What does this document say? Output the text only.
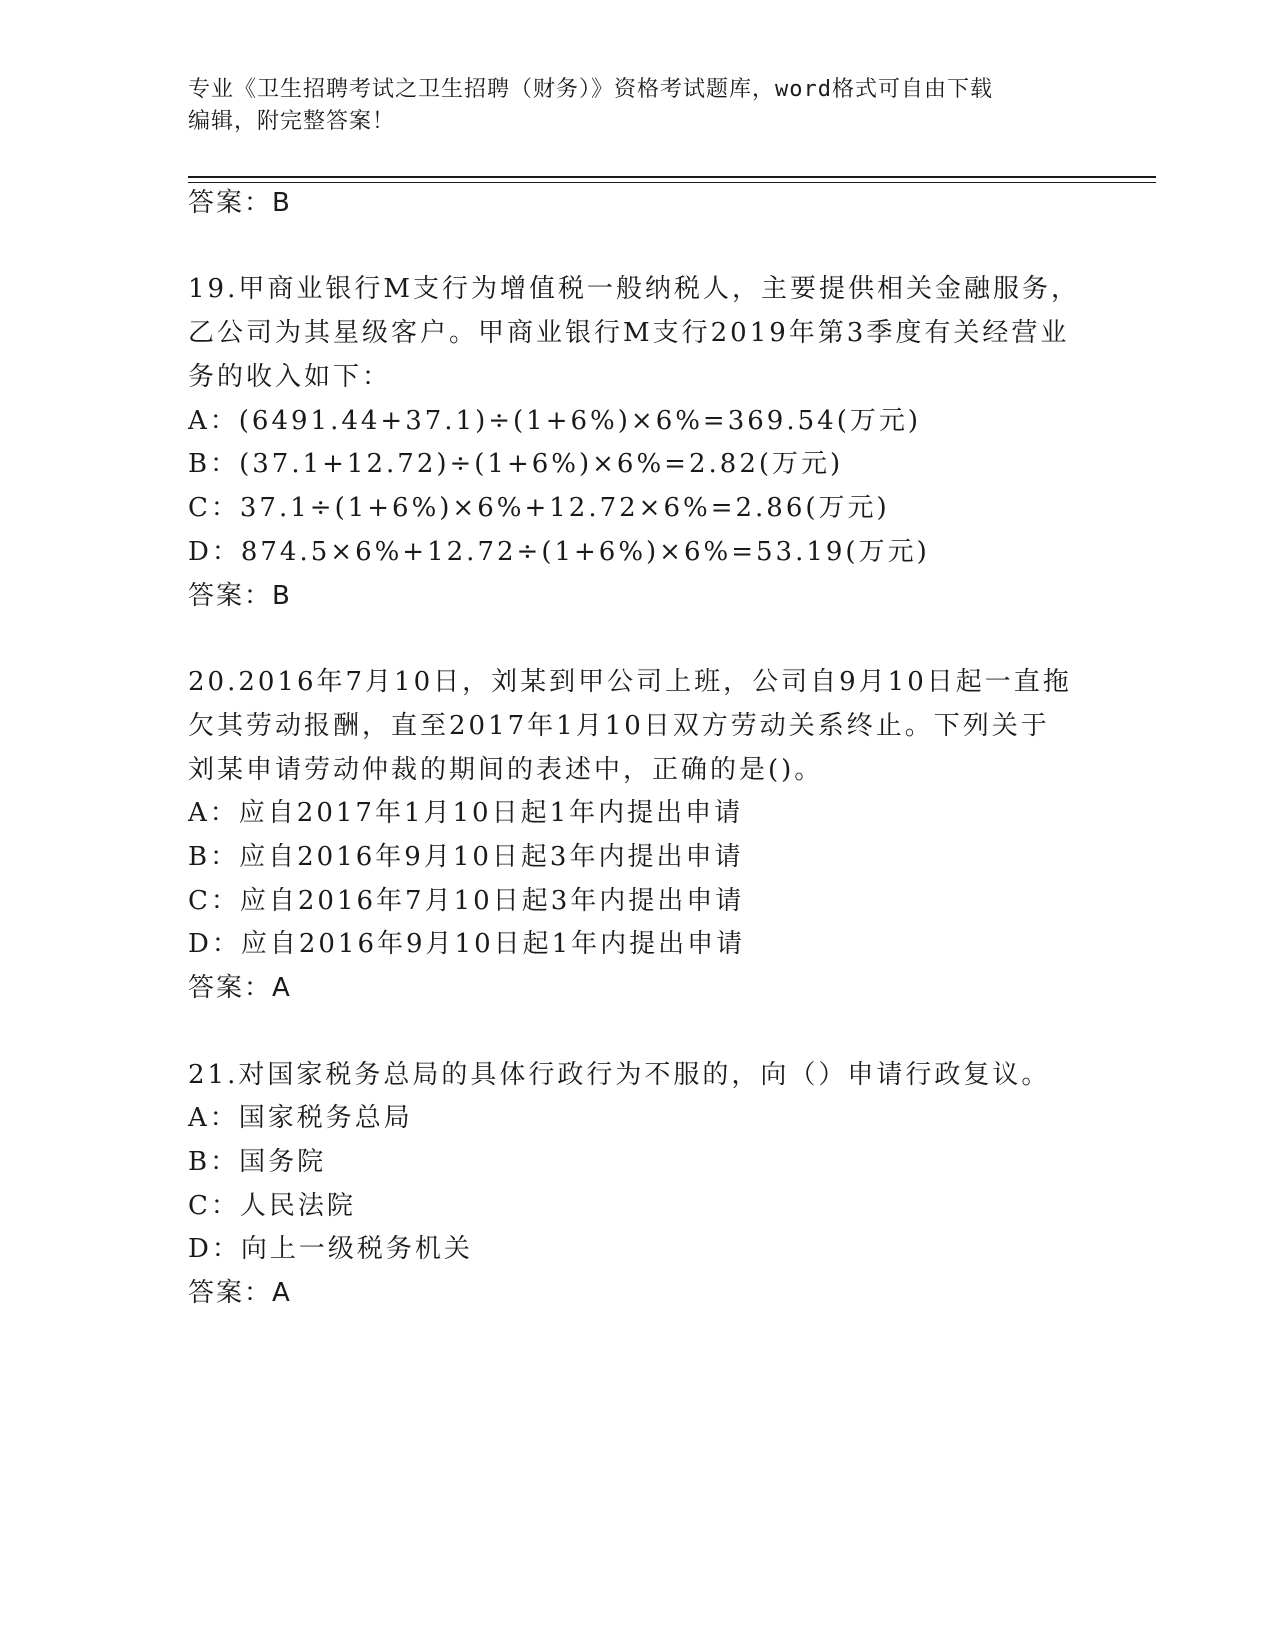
专业《卫生招聘考试之卫生招聘（财务）》资格考试题库，word格式可自由下载
编辑，附完整答案！
答案：B
19.甲商业银行M支行为增值税一般纳税人，主要提供相关金融服务，
乙公司为其星级客户。甲商业银行M支行2019年第3季度有关经营业
务的收入如下：
A：(6491.44+37.1)÷(1+6%)×6%=369.54(万元)
B：(37.1+12.72)÷(1+6%)×6%=2.82(万元)
C：37.1÷(1+6%)×6%+12.72×6%=2.86(万元)
D：874.5×6%+12.72÷(1+6%)×6%=53.19(万元)
答案：B
20.2016年7月10日，刘某到甲公司上班，公司自9月10日起一直拖
欠其劳动报酬，直至2017年1月10日双方劳动关系终止。下列关于
刘某申请劳动仲裁的期间的表述中，正确的是()。
A：应自2017年1月10日起1年内提出申请
B：应自2016年9月10日起3年内提出申请
C：应自2016年7月10日起3年内提出申请
D：应自2016年9月10日起1年内提出申请
答案：A
21.对国家税务总局的具体行政行为不服的，向（）申请行政复议。
A：国家税务总局
B：国务院
C：人民法院
D：向上一级税务机关
答案：A
